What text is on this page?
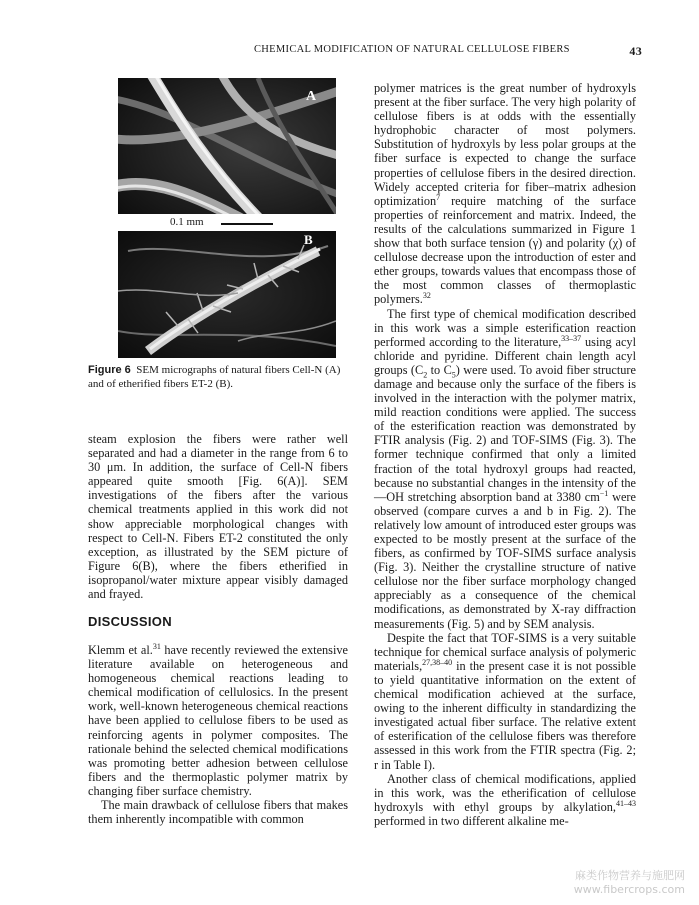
CHEMICAL MODIFICATION OF NATURAL CELLULOSE FIBERS	43
A
0.1 mm
B
Figure 6 SEM micrographs of natural fibers Cell-N (A) and of etherified fibers ET-2 (B).

steam explosion the fibers were rather well separated and had a diameter in the range from 6 to 30 μm. In addition, the surface of Cell-N fibers appeared quite smooth [Fig. 6(A)]. SEM investigations of the fibers after the various chemical treatments applied in this work did not show appreciable morphological changes with respect to Cell-N. Fibers ET-2 constituted the only exception, as illustrated by the SEM picture of Figure 6(B), where the fibers etherified in isopropanol/water mixture appear visibly damaged and frayed.

DISCUSSION

Klemm et al.$^{31}$ have recently reviewed the extensive literature available on heterogeneous and homogeneous chemical reactions leading to chemical modification of cellulosics. In the present work, well-known heterogeneous chemical reactions have been applied to cellulose fibers to be used as reinforcing agents in polymer composites. The rationale behind the selected chemical modifications was promoting better adhesion between cellulose fibers and the thermoplastic polymer matrix by changing fiber surface chemistry.

The main drawback of cellulose fibers that makes them inherently incompatible with common

polymer matrices is the great number of hydroxyls present at the fiber surface. The very high polarity of cellulose fibers is at odds with the essentially hydrophobic character of most polymers. Substitution of hydroxyls by less polar groups at the fiber surface is expected to change the surface properties of cellulose fibers in the desired direction. Widely accepted criteria for fiber–matrix adhesion optimization$^7$ require matching of the surface properties of reinforcement and matrix. Indeed, the results of the calculations summarized in Figure 1 show that both surface tension (γ) and polarity (χ) of cellulose decrease upon the introduction of ester and ether groups, towards values that encompass those of the most common classes of thermoplastic polymers.$^{32}$

The first type of chemical modification described in this work was a simple esterification reaction performed according to the literature,$^{33-37}$ using acyl chloride and pyridine. Different chain length acyl groups ($C_2$ to $C_5$) were used. To avoid fiber structure damage and because only the surface of the fibers is involved in the interaction with the polymer matrix, mild reaction conditions were applied. The success of the esterification reaction was demonstrated by FTIR analysis (Fig. 2) and TOF-SIMS (Fig. 3). The former technique confirmed that only a limited fraction of the total hydroxyl groups had reacted, because no substantial changes in the intensity of the —OH stretching absorption band at 3380 $cm^{-1}$ were observed (compare curves a and b in Fig. 2). The relatively low amount of introduced ester groups was expected to be mostly present at the surface of the fibers, as confirmed by TOF-SIMS surface analysis (Fig. 3). Neither the crystalline structure of native cellulose nor the fiber surface morphology changed appreciably as a consequence of the chemical modifications, as demonstrated by X-ray diffraction measurements (Fig. 5) and by SEM analysis.

Despite the fact that TOF-SIMS is a very suitable technique for chemical surface analysis of polymeric materials,$^{27,38-40}$ in the present case it is not possible to yield quantitative information on the extent of chemical modification achieved at the surface, owing to the inherent difficulty in standardizing the investigated actual fiber surface. The relative extent of esterification of the cellulose fibers was therefore assessed in this work from the FTIR spectra (Fig. 2; r in Table I).

Another class of chemical modifications, applied in this work, was the etherification of cellulose hydroxyls with ethyl groups by alkylation,$^{41-43}$ performed in two different alkaline me-

麻类作物营养与施肥网
www.fibercrops.com
